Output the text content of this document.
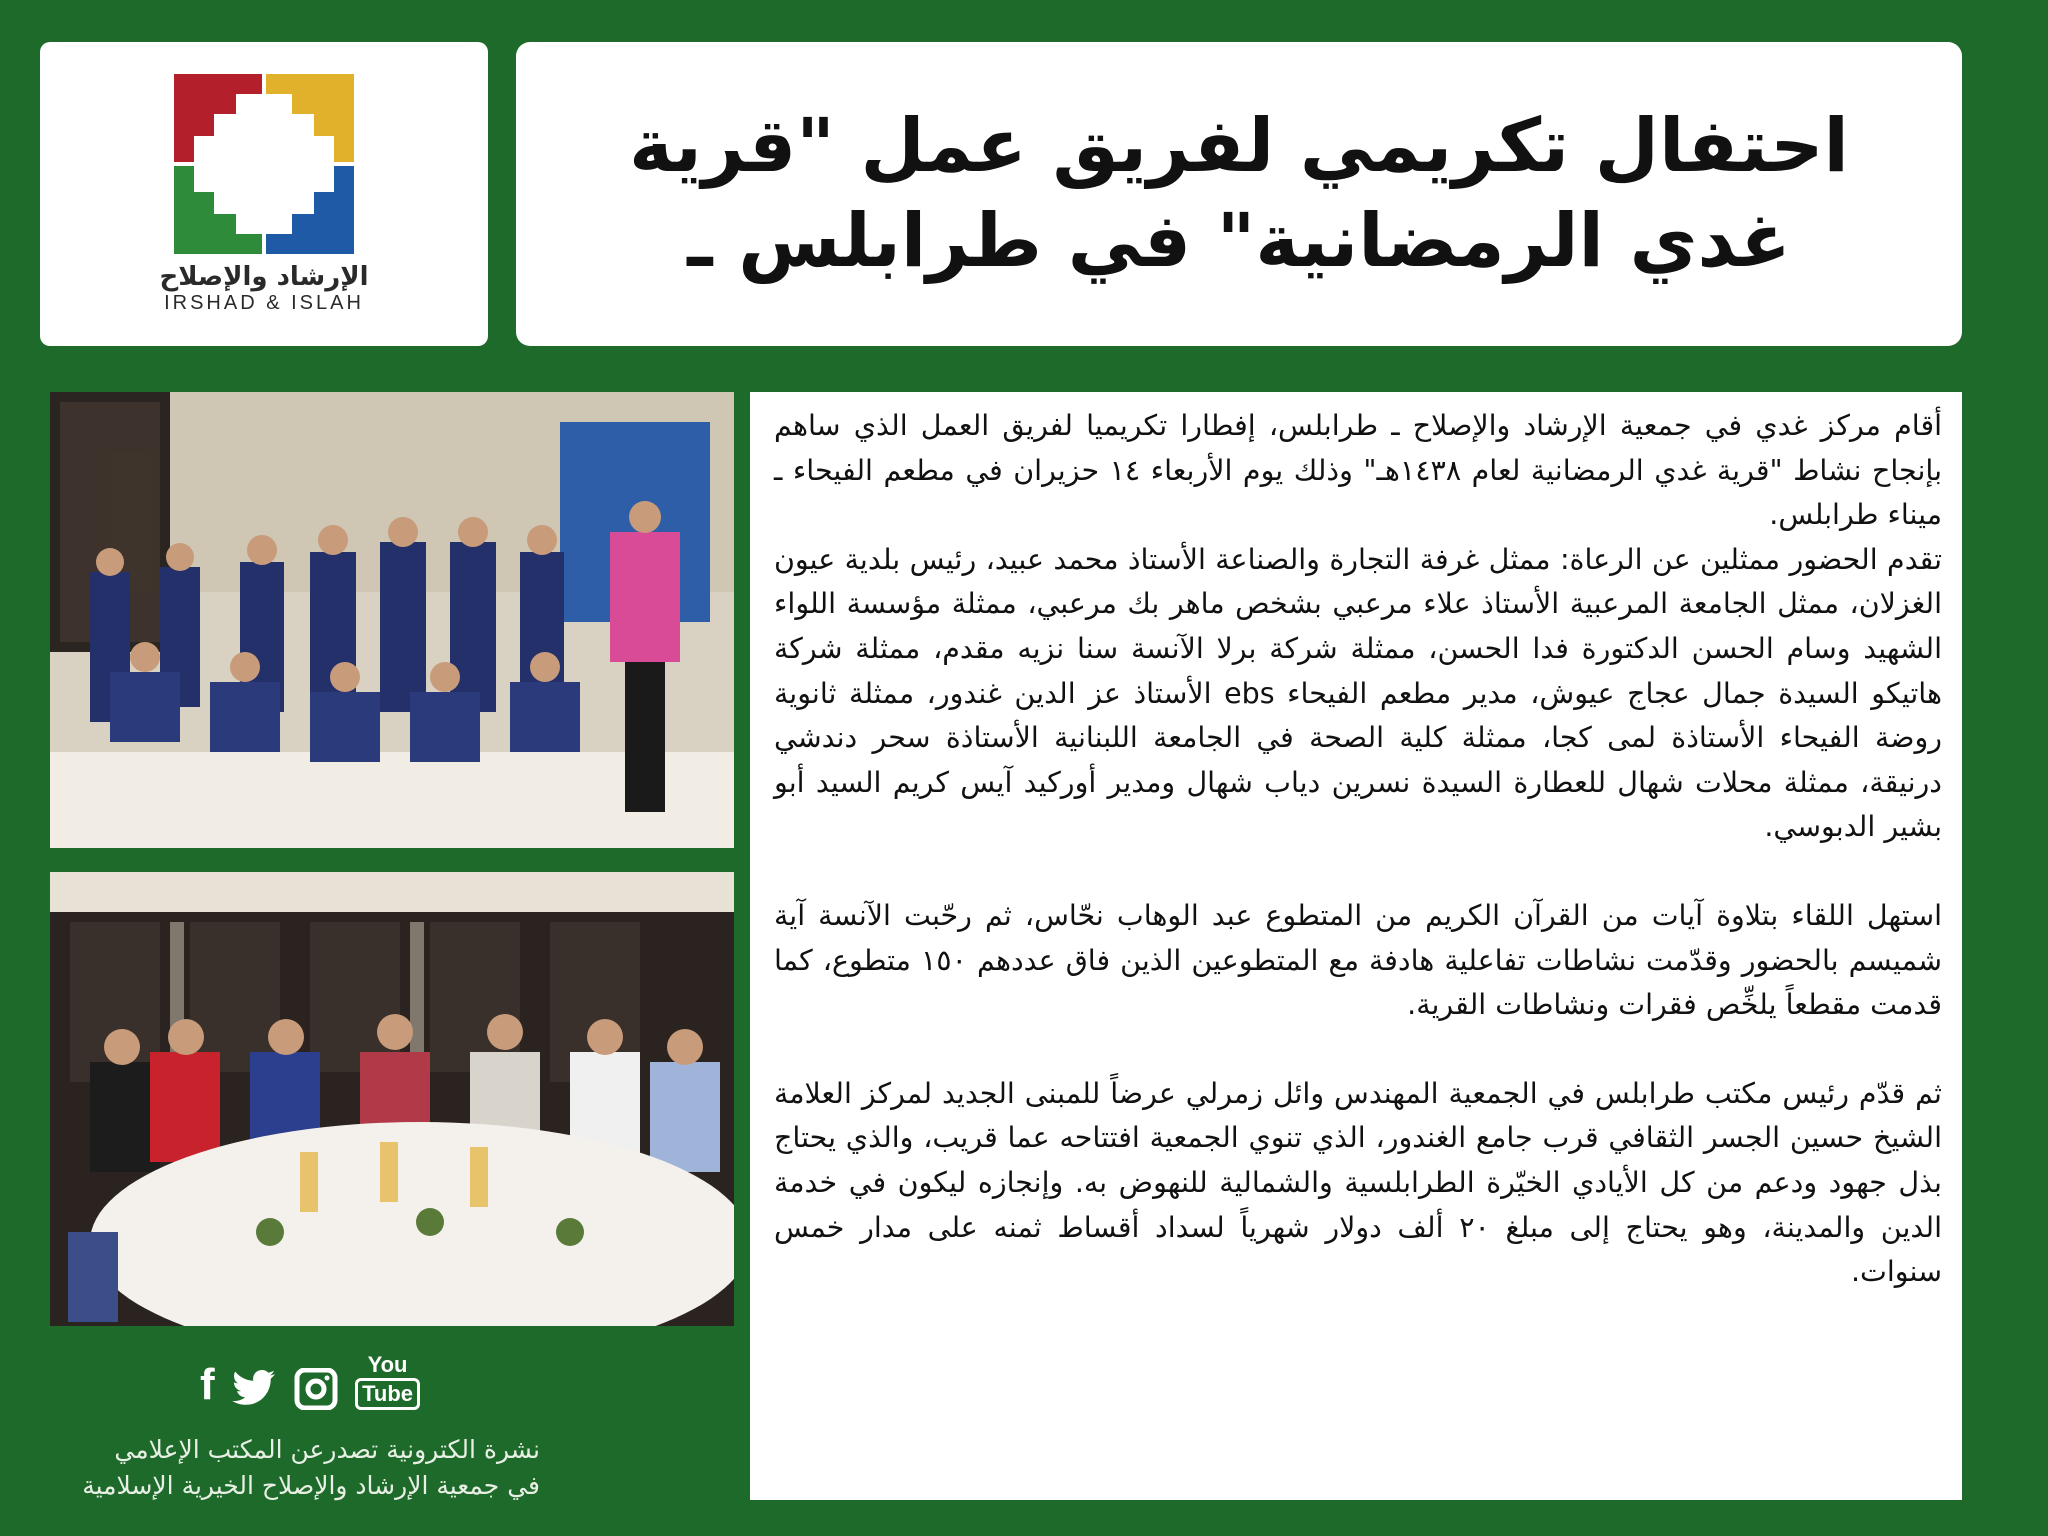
الإرشاد والإصلاح
IRSHAD & ISLAH
احتفال تكريمي لفريق عمل "قرية غدي الرمضانية" في طرابلس ـ
f	You
Tube
نشرة الكترونية تصدرعن المكتب الإعلامي
في جمعية الإرشاد والإصلاح الخيرية الإسلامية

أقام مركز غدي في جمعية الإرشاد والإصلاح ـ طرابلس، إفطارا تكريميا لفريق العمل الذي ساهم بإنجاح نشاط "قرية غدي الرمضانية لعام ١٤٣٨هـ" وذلك يوم الأربعاء ١٤ حزيران في مطعم الفيحاء ـ ميناء طرابلس.

تقدم الحضور ممثلين عن الرعاة: ممثل غرفة التجارة والصناعة الأستاذ محمد عبيد، رئيس بلدية عيون الغزلان، ممثل الجامعة المرعبية الأستاذ علاء مرعبي بشخص ماهر بك مرعبي، ممثلة مؤسسة اللواء الشهيد وسام الحسن الدكتورة فدا الحسن، ممثلة شركة برلا الآنسة سنا نزيه مقدم، ممثلة شركة هاتيكو السيدة جمال عجاج عيوش، مدير مطعم الفيحاء ebs الأستاذ عز الدين غندور، ممثلة ثانوية روضة الفيحاء الأستاذة لمى كجا، ممثلة كلية الصحة في الجامعة اللبنانية الأستاذة سحر دندشي درنيقة، ممثلة محلات شهال للعطارة السيدة نسرين دياب شهال ومدير أوركيد آيس كريم السيد أبو بشير الدبوسي.

استهل اللقاء بتلاوة آيات من القرآن الكريم من المتطوع عبد الوهاب نحّاس، ثم رحّبت الآنسة آية شميسم بالحضور وقدّمت نشاطات تفاعلية هادفة مع المتطوعين الذين فاق عددهم ١٥٠ متطوع، كما قدمت مقطعاً يلخِّص فقرات ونشاطات القرية.

ثم قدّم رئيس مكتب طرابلس في الجمعية المهندس وائل زمرلي عرضاً للمبنى الجديد لمركز العلامة الشيخ حسين الجسر الثقافي قرب جامع الغندور، الذي تنوي الجمعية افتتاحه عما قريب، والذي يحتاج بذل جهود ودعم من كل الأيادي الخيّرة الطرابلسية والشمالية للنهوض به. وإنجازه ليكون في خدمة الدين والمدينة، وهو يحتاج إلى مبلغ ٢٠ ألف دولار شهرياً لسداد أقساط ثمنه على مدار خمس سنوات.
